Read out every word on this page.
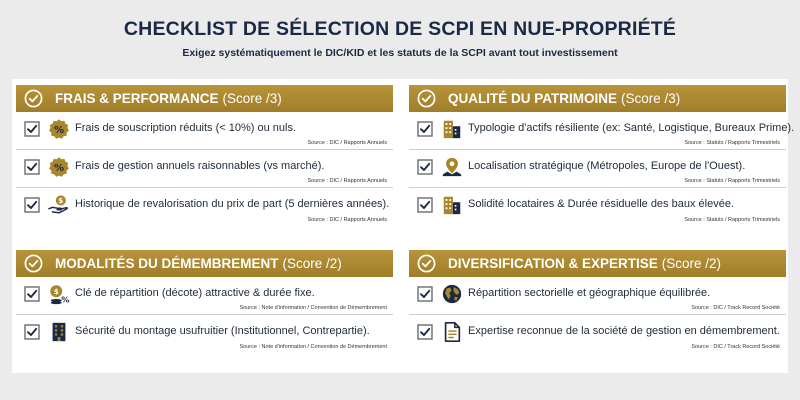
CHECKLIST DE SÉLECTION DE SCPI EN NUE-PROPRIÉTÉ
Exigez systématiquement le DIC/KID et les statuts de la SCPI avant tout investissement
FRAIS & PERFORMANCE (Score /3)
% Frais de souscription réduits (< 10%) ou nuls.
Source : DIC / Rapports Annuels
% Frais de gestion annuels raisonnables (vs marché).
Source : DIC / Rapports Annuels
$ Historique de revalorisation du prix de part (5 dernières années).
Source : DIC / Rapports Annuels
QUALITÉ DU PATRIMOINE (Score /3)
Typologie d'actifs résiliente (ex: Santé, Logistique, Bureaux Prime).
Source : Statuts / Rapports Trimestriels
Localisation stratégique (Métropoles, Europe de l'Ouest).
Source : Statuts / Rapports Trimestriels
Solidité locataires & Durée résiduelle des baux élevée.
Source : Statuts / Rapports Trimestriels
MODALITÉS DU DÉMEMBREMENT (Score /2)
$
%
Clé de répartition (décote) attractive & durée fixe.
Source : Note d'information / Convention de Démembrement
Sécurité du montage usufruitier (Institutionnel, Contrepartie).
Source : Note d'information / Convention de Démembrement
DIVERSIFICATION & EXPERTISE (Score /2)
Répartition sectorielle et géographique équilibrée.
Source : DIC / Track Record Société
Expertise reconnue de la société de gestion en démembrement.
Source : DIC / Track Record Société
